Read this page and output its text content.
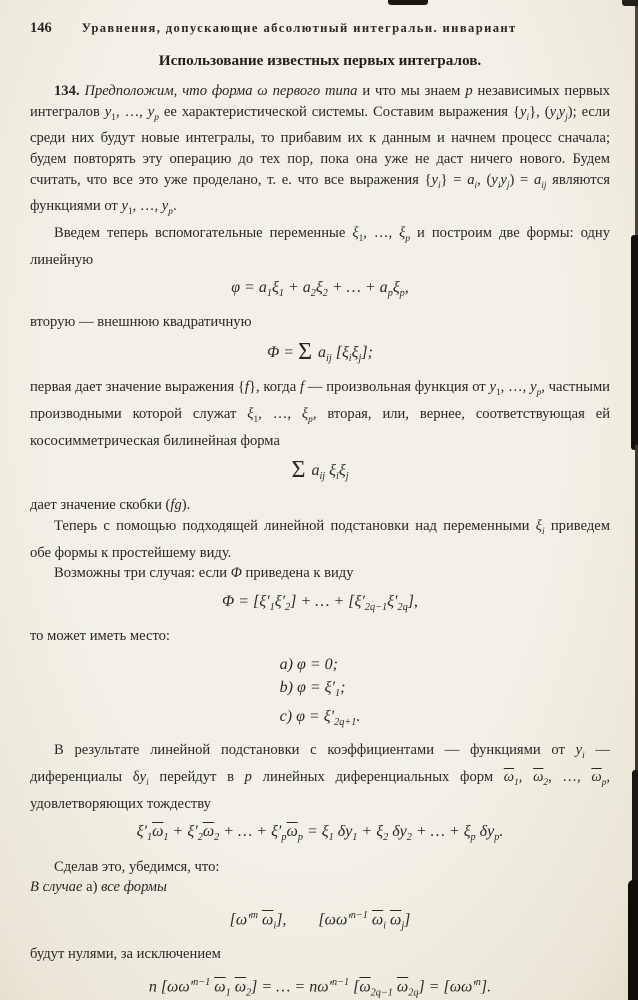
146 Уравнения, допускающие абсолютный интегральн. инвариант
Использование известных первых интегралов.
134. Предположим, что форма ω первого типа и что мы знаем p независимых первых интегралов $y_1$, …, $y_p$ ее характеристической системы. Составим выражения $\{y_i\}$, $(y_iy_j)$; если среди них будут новые интегралы, то прибавим их к данным и начнем процесс сначала; будем повторять эту операцию до тех пор, пока она уже не даст ничего нового. Будем считать, что все это уже проделано, т. е. что все выражения $\{y_i\} = a_i$, $(y_iy_j) = a_{ij}$ являются функциями от $y_1$, …, $y_p$.
Введем теперь вспомогательные переменные $\xi_1$, …, $\xi_p$ и построим две формы: одну линейную
$\varphi = a_1\xi_1 + a_2\xi_2$ + … + $a_p\xi_p$,
вторую — внешнюю квадратичную
Φ = Σ $a_{ij}$ $[\xi_i\xi_j]$;
первая дает значение выражения {f}, когда f — произвольная функция от $y_1$, …, $y_p$, частными производными которой служат $\xi_1$, …, $\xi_p$, вторая, или, вернее, соответствующая ей кососимметрическая билинейная форма
Σ $a_{ij}$ $\xi_i\xi_j$
дает значение скобки (fg).
Теперь с помощью подходящей линейной подстановки над переменными $\xi_i$ приведем обе формы к простейшему виду.
Возможны три случая: если Φ приведена к виду
$\Phi = [\xi'_1\xi'_2]$ + … + $[\xi'_{2q-1}\xi'_{2q}]$,
то может иметь место:
a) φ = 0;
b) $\varphi = \xi'_1$;
c) $\varphi = \xi'_{2q+1}$.
В результате линейной подстановки с коэффициентами — функциями от $y_i$ — диференциалы $\delta y_i$ перейдут в p линейных диференциальных форм $\overline{\omega}_1$, $\overline{\omega}_2$, …, $\overline{\omega}_p$, удовлетворяющих тождеству
$\xi'_1\overline{\omega}_1 + \xi'_2\overline{\omega}_2$ + … + $\xi'_p\overline{\omega}_p = \xi_1$ $\delta y_1 + \xi_2$ $\delta y_2$ + … + $\xi_p$ $\delta y_p$.
Сделав это, убедимся, что:
В случае a) все формы
[$\omega'^m$ $\overline{\omega}_i$],  [$\omega\omega'^{n-1}$ $\overline{\omega}_i$ $\overline{\omega}_j$]
будут нулями, за исключением
n [$\omega\omega'^{n-1}$ $\overline{\omega}_1$ $\overline{\omega}_2$] = … = $n\omega'^{n-1}$ [$\overline{\omega}_{2q-1}$ $\overline{\omega}_{2q}] = [\omega\omega'^n]$.
